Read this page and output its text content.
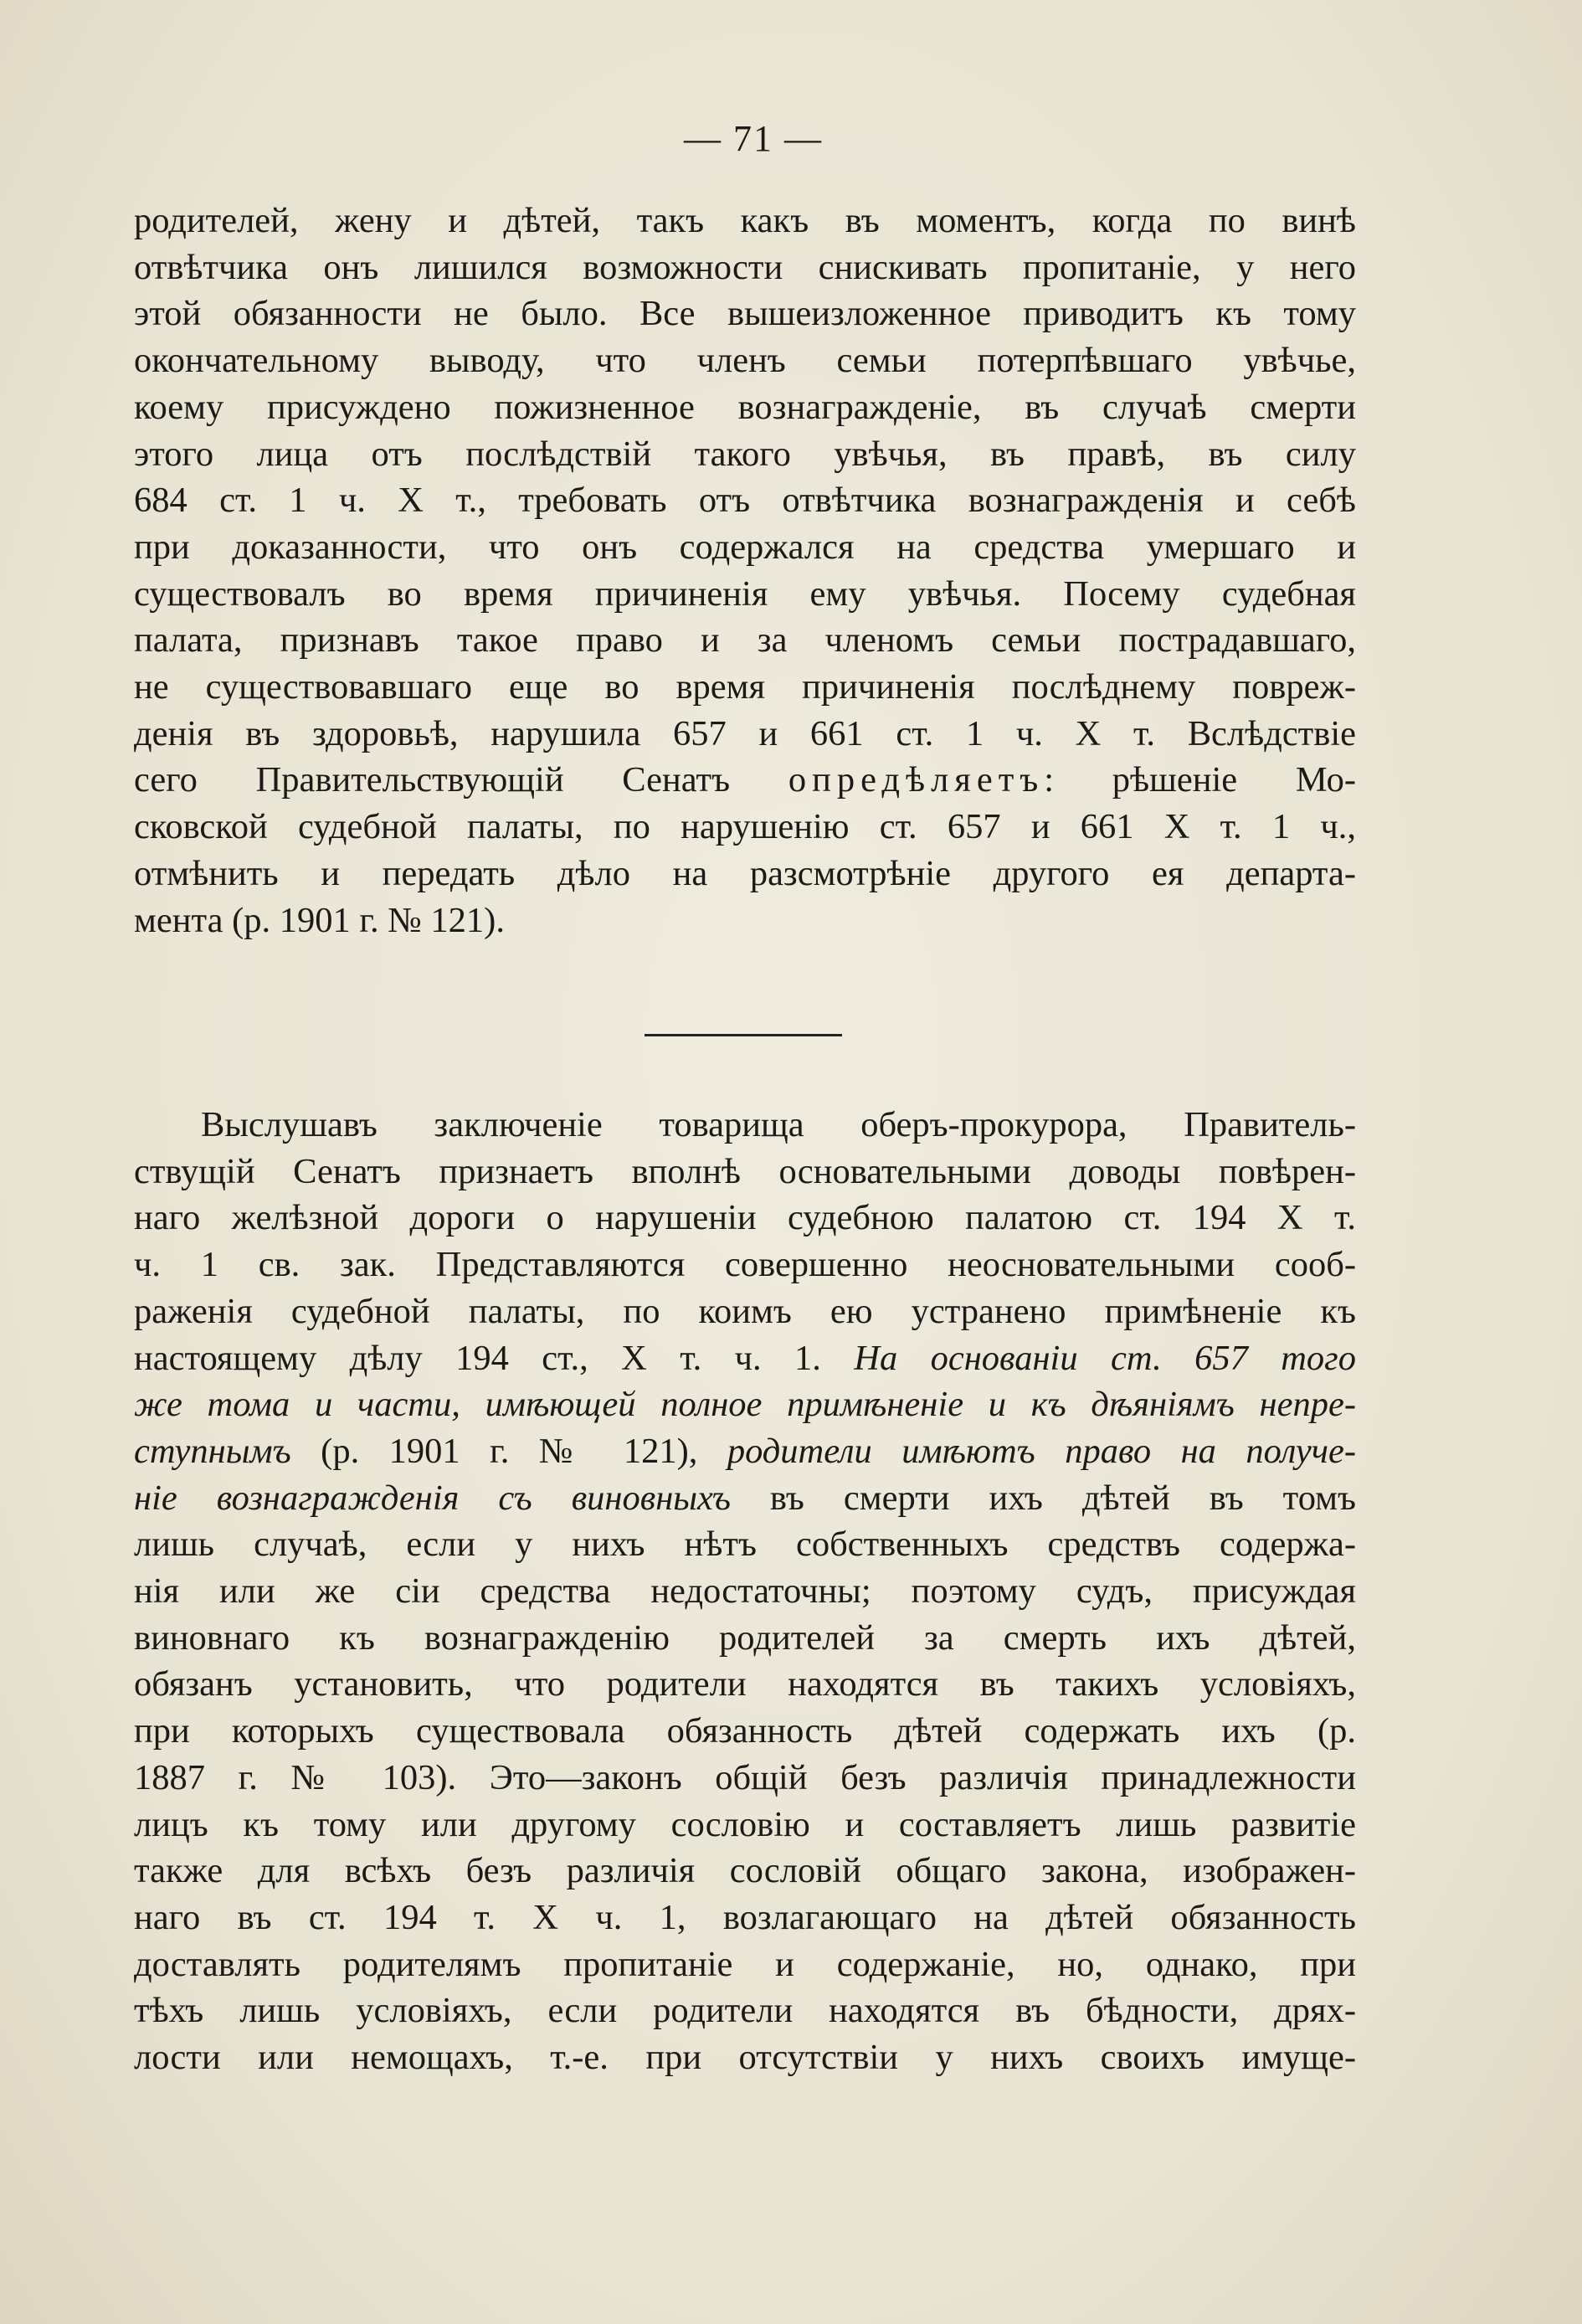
— 71 —

родителей, жену и дѣтей, такъ какъ въ моментъ, когда по винѣ

отвѣтчика онъ лишился возможности снискивать пропитаніе, у него

этой обязанности не было. Все вышеизложенное приводитъ къ тому

окончательному выводу, что членъ семьи потерпѣвшаго увѣчье,

коему присуждено пожизненное вознагражденіе, въ случаѣ смерти

этого лица отъ послѣдствій такого увѣчья, въ правѣ, въ силу

684 ст. 1 ч. X т., требовать отъ отвѣтчика вознагражденія и себѣ

при доказанности, что онъ содержался на средства умершаго и

существовалъ во время причиненія ему увѣчья. Посему судебная

палата, признавъ такое право и за членомъ семьи пострадавшаго,

не существовавшаго еще во время причиненія послѣднему повреж-

денія въ здоровьѣ, нарушила 657 и 661 ст. 1 ч. X т. Вслѣдствіе

сего Правительствующій Сенатъ опредѣляетъ: рѣшеніе Мо-

сковской судебной палаты, по нарушенію ст. 657 и 661 X т. 1 ч.,

отмѣнить и передать дѣло на разсмотрѣніе другого ея департа-

мента (р. 1901 г. № 121).

Выслушавъ заключеніе товарища оберъ-прокурора, Правитель-

ствущій Сенатъ признаетъ вполнѣ основательными доводы повѣрен-

наго желѣзной дороги о нарушеніи судебною палатою ст. 194 X т.

ч. 1 св. зак. Представляются совершенно неосновательными сооб-

раженія судебной палаты, по коимъ ею устранено примѣненіе къ

настоящему дѣлу 194 ст., X т. ч. 1. На основаніи ст. 657 того

же тома и части, имѣющей полное примѣненіе и къ дѣяніямъ непре-

ступнымъ (р. 1901 г. № 121), родители имѣютъ право на получе-

ніе вознагражденія съ виновныхъ въ смерти ихъ дѣтей въ томъ

лишь случаѣ, если у нихъ нѣтъ собственныхъ средствъ содержа-

нія или же сіи средства недостаточны; поэтому судъ, присуждая

виновнаго къ вознагражденію родителей за смерть ихъ дѣтей,

обязанъ установить, что родители находятся въ такихъ условіяхъ,

при которыхъ существовала обязанность дѣтей содержать ихъ (р.

1887 г. № 103). Это—законъ общій безъ различія принадлежности

лицъ къ тому или другому сословію и составляетъ лишь развитіе

также для всѣхъ безъ различія сословій общаго закона, изображен-

наго въ ст. 194 т. X ч. 1, возлагающаго на дѣтей обязанность

доставлять родителямъ пропитаніе и содержаніе, но, однако, при

тѣхъ лишь условіяхъ, если родители находятся въ бѣдности, дрях-

лости или немощахъ, т.-е. при отсутствіи у нихъ своихъ имуще-
